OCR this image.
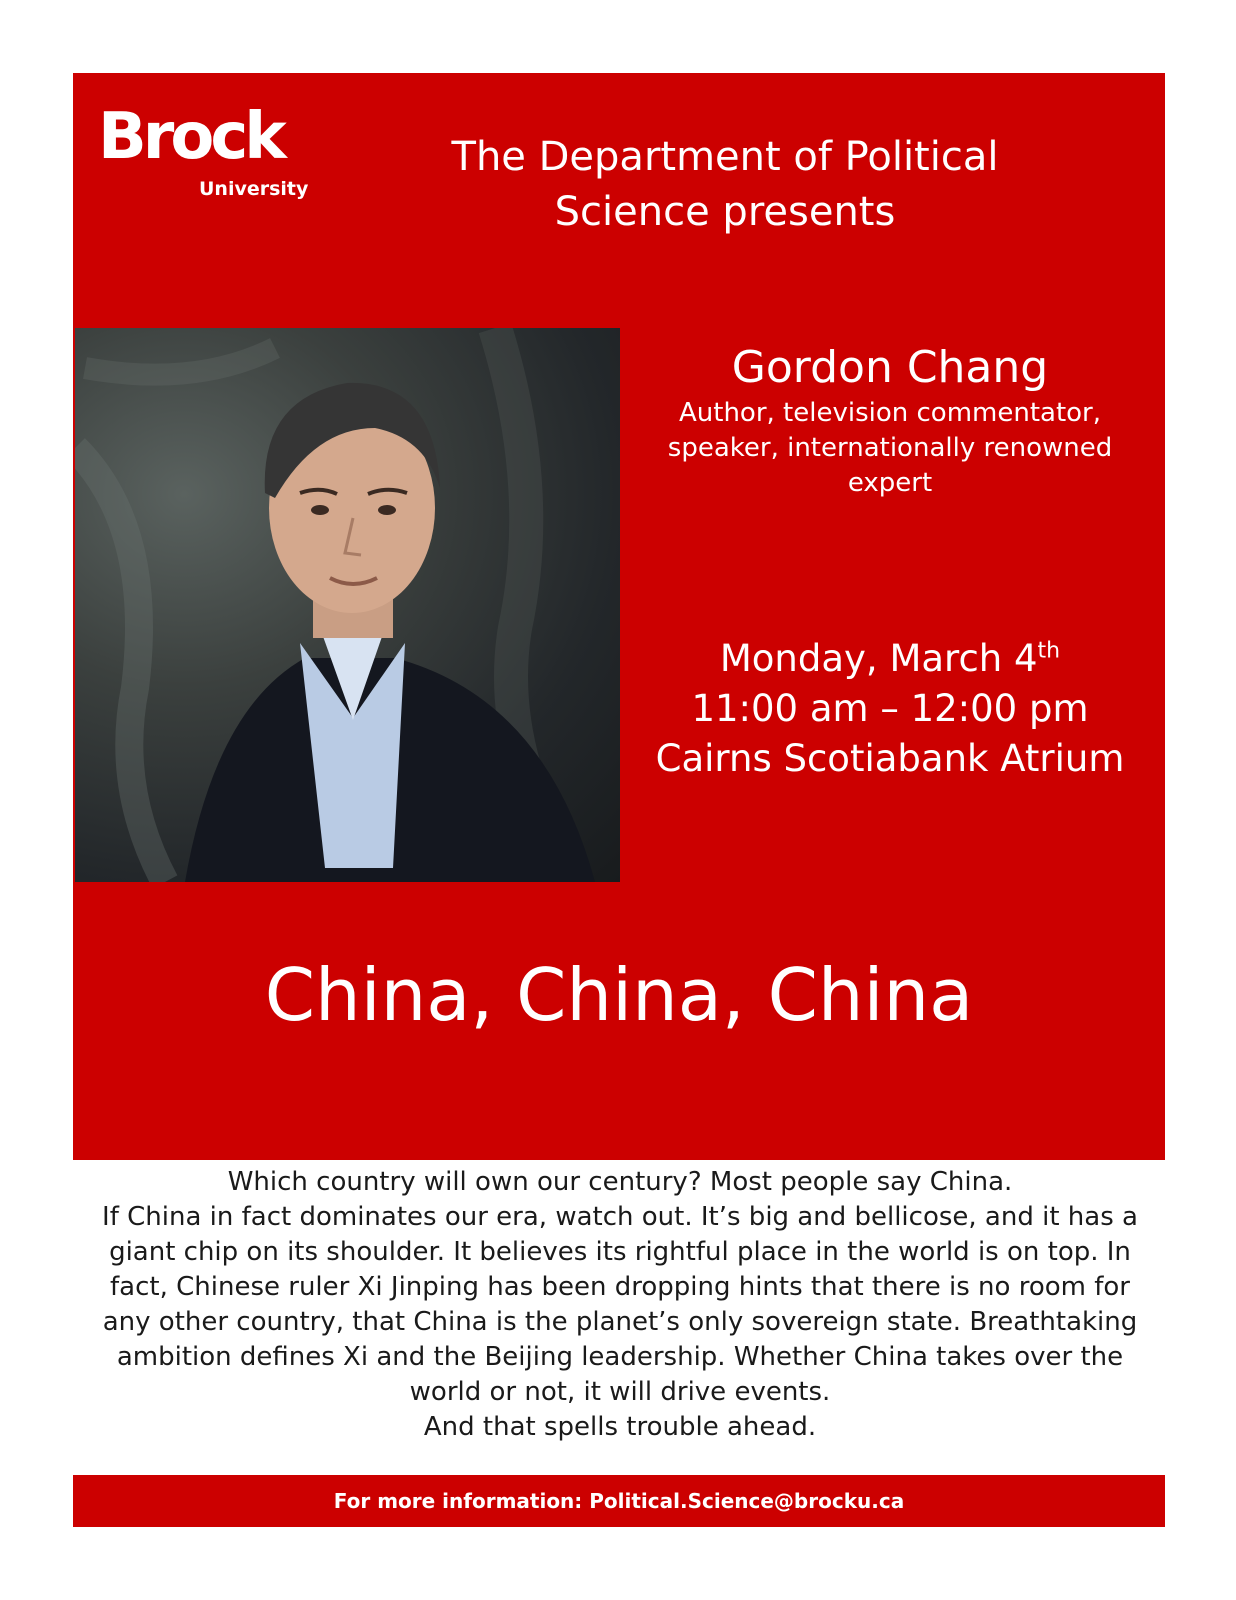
Brock
University
The Department of Political Science presents
Gordon Chang
Author, television commentator, speaker, internationally renowned expert
Monday, March 4th
11:00 am – 12:00 pm
Cairns Scotiabank Atrium
China, China, China

Which country will own our century? Most people say China.

If China in fact dominates our era, watch out. It’s big and bellicose, and it has a giant chip on its shoulder. It believes its rightful place in the world is on top. In fact, Chinese ruler Xi Jinping has been dropping hints that there is no room for any other country, that China is the planet’s only sovereign state. Breathtaking ambition defines Xi and the Beijing leadership. Whether China takes over the world or not, it will drive events.

And that spells trouble ahead.

For more information: Political.Science@brocku.ca
